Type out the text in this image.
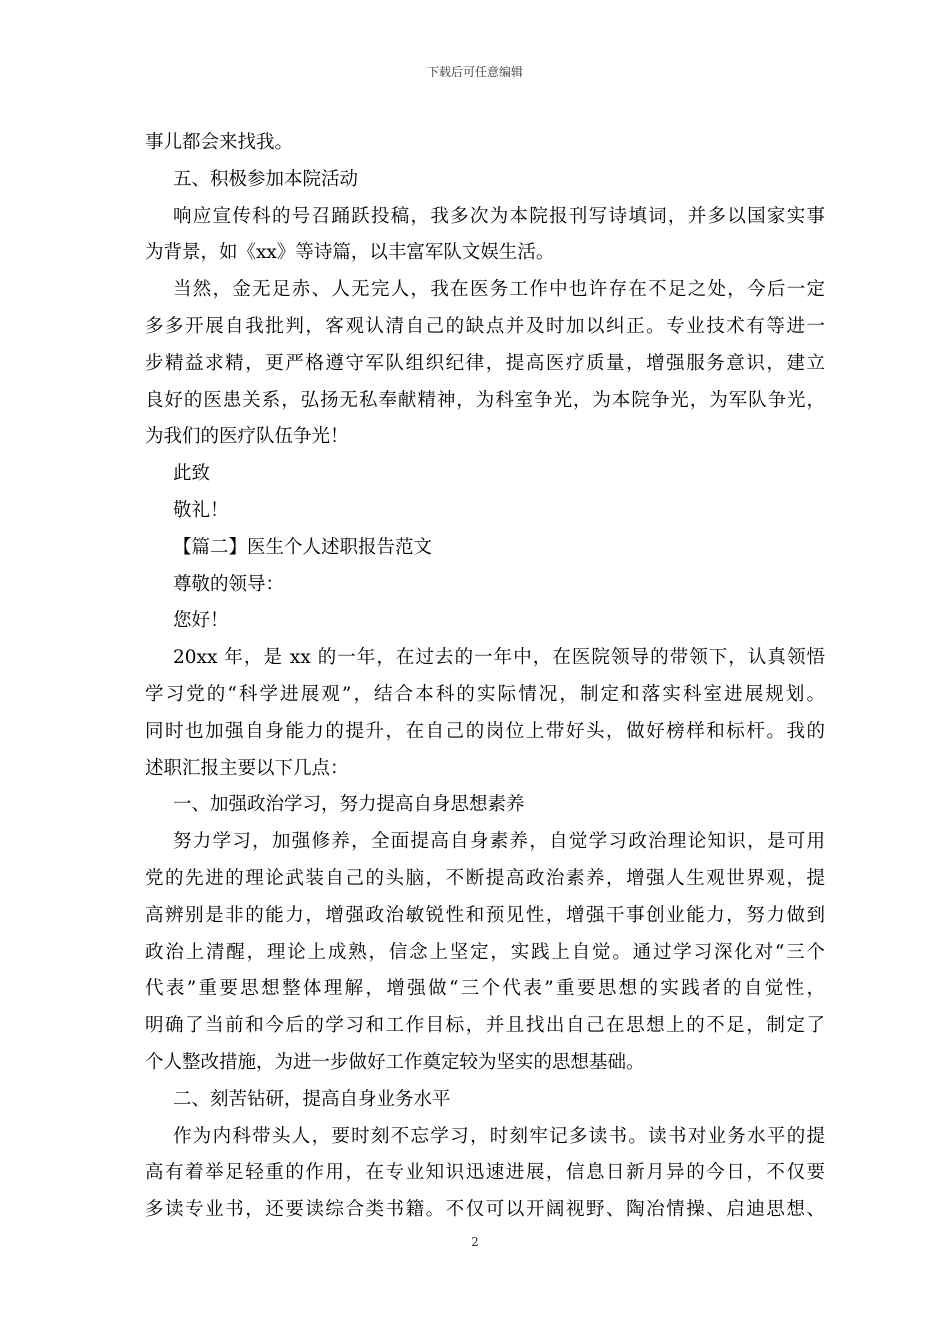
下载后可任意编辑
事儿都会来找我。
五、积极参加本院活动
响应宣传科的号召踊跃投稿，我多次为本院报刊写诗填词，并多以国家实事
为背景，如《xx》等诗篇，以丰富军队文娱生活。
当然，金无足赤、人无完人，我在医务工作中也许存在不足之处，今后一定
多多开展自我批判，客观认清自己的缺点并及时加以纠正。专业技术有等进一
步精益求精，更严格遵守军队组织纪律，提高医疗质量，增强服务意识，建立
良好的医患关系，弘扬无私奉献精神，为科室争光，为本院争光，为军队争光，
为我们的医疗队伍争光！
此致
敬礼！
【篇二】医生个人述职报告范文
尊敬的领导：
您好！
20xx 年，是 xx 的一年，在过去的一年中，在医院领导的带领下，认真领悟
学习党的“科学进展观”，结合本科的实际情况，制定和落实科室进展规划。
同时也加强自身能力的提升，在自己的岗位上带好头，做好榜样和标杆。我的
述职汇报主要以下几点：
一、加强政治学习，努力提高自身思想素养
努力学习，加强修养，全面提高自身素养，自觉学习政治理论知识，是可用
党的先进的理论武装自己的头脑，不断提高政治素养，增强人生观世界观，提
高辨别是非的能力，增强政治敏锐性和预见性，增强干事创业能力，努力做到
政治上清醒，理论上成熟，信念上坚定，实践上自觉。通过学习深化对“三个
代表”重要思想整体理解，增强做“三个代表”重要思想的实践者的自觉性，
明确了当前和今后的学习和工作目标，并且找出自己在思想上的不足，制定了
个人整改措施，为进一步做好工作奠定较为坚实的思想基础。
二、刻苦钻研，提高自身业务水平
作为内科带头人，要时刻不忘学习，时刻牢记多读书。读书对业务水平的提
高有着举足轻重的作用，在专业知识迅速进展，信息日新月异的今日，不仅要
多读专业书，还要读综合类书籍。不仅可以开阔视野、陶冶情操、启迪思想、
2
